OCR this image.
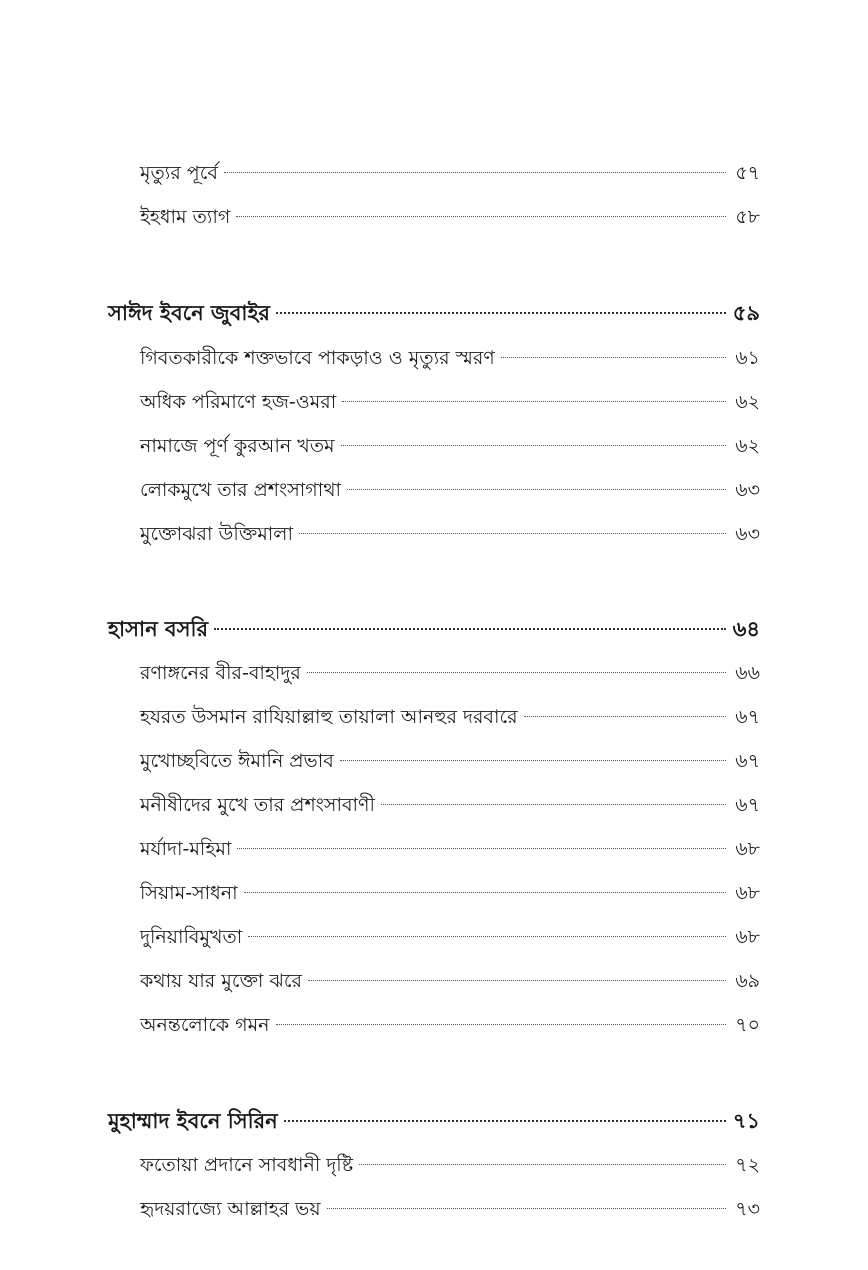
মৃত্যুর পূর্বে	৫৭
ইহধাম ত্যাগ	৫৮
সাঈদ ইবনে জুবাইর	৫৯
গিবতকারীকে শক্তভাবে পাকড়াও ও মৃত্যুর স্মরণ	৬১
অধিক পরিমাণে হজ-ওমরা	৬২
নামাজে পূর্ণ কুরআন খতম	৬২
লোকমুখে তার প্রশংসাগাথা	৬৩
মুক্তোঝরা উক্তিমালা	৬৩
হাসান বসরি	৬৪
রণাঙ্গনের বীর-বাহাদুর	৬৬
হযরত উসমান রাযিয়াল্লাহু তায়ালা আনহুর দরবারে	৬৭
মুখোচ্ছবিতে ঈমানি প্রভাব	৬৭
মনীষীদের মুখে তার প্রশংসাবাণী	৬৭
মর্যাদা-মহিমা	৬৮
সিয়াম-সাধনা	৬৮
দুনিয়াবিমুখতা	৬৮
কথায় যার মুক্তো ঝরে	৬৯
অনন্তলোকে গমন	৭০
মুহাম্মাদ ইবনে সিরিন	৭১
ফতোয়া প্রদানে সাবধানী দৃষ্টি	৭২
হৃদয়রাজ্যে আল্লাহর ভয়	৭৩
